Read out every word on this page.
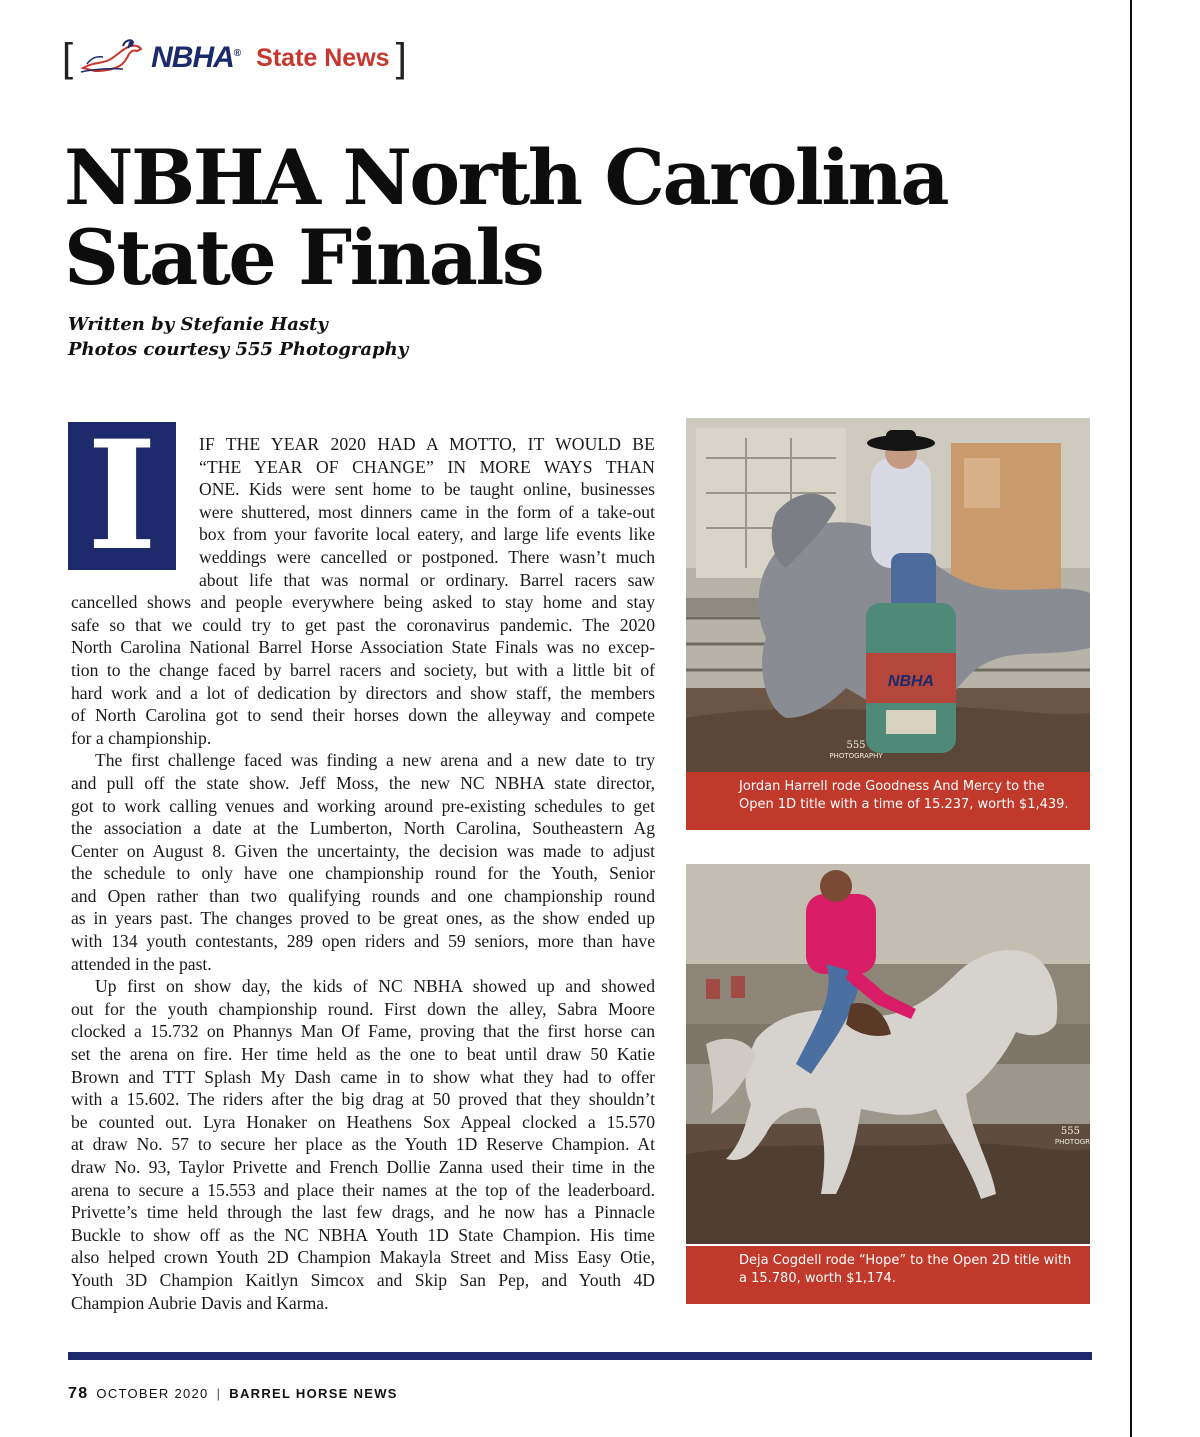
[	NBHA® State News ]
NBHA North Carolina
State Finals
Written by Stefanie Hasty
Photos courtesy 555 Photography
I	IF THE YEAR 2020 HAD A MOTTO, IT WOULD BE
“THE YEAR OF CHANGE” IN MORE WAYS THAN
ONE. Kids were sent home to be taught online, businesses
were shuttered, most dinners came in the form of a take-out
box from your favorite local eatery, and large life events like
weddings were cancelled or postponed. There wasn’t much
about life that was normal or ordinary. Barrel racers saw
cancelled shows and people everywhere being asked to stay home and stay
safe so that we could try to get past the coronavirus pandemic. The 2020
North Carolina National Barrel Horse Association State Finals was no excep-
tion to the change faced by barrel racers and society, but with a little bit of
hard work and a lot of dedication by directors and show staff, the members
of North Carolina got to send their horses down the alleyway and compete
for a championship.

The first challenge faced was finding a new arena and a new date to try
and pull off the state show. Jeff Moss, the new NC NBHA state director,
got to work calling venues and working around pre-existing schedules to get
the association a date at the Lumberton, North Carolina, Southeastern Ag
Center on August 8. Given the uncertainty, the decision was made to adjust
the schedule to only have one championship round for the Youth, Senior
and Open rather than two qualifying rounds and one championship round
as in years past. The changes proved to be great ones, as the show ended up
with 134 youth contestants, 289 open riders and 59 seniors, more than have
attended in the past.

Up first on show day, the kids of NC NBHA showed up and showed
out for the youth championship round. First down the alley, Sabra Moore
clocked a 15.732 on Phannys Man Of Fame, proving that the first horse can
set the arena on fire. Her time held as the one to beat until draw 50 Katie
Brown and TTT Splash My Dash came in to show what they had to offer
with a 15.602. The riders after the big drag at 50 proved that they shouldn’t
be counted out. Lyra Honaker on Heathens Sox Appeal clocked a 15.570
at draw No. 57 to secure her place as the Youth 1D Reserve Champion. At
draw No. 93, Taylor Privette and French Dollie Zanna used their time in the
arena to secure a 15.553 and place their names at the top of the leaderboard.
Privette’s time held through the last few drags, and he now has a Pinnacle
Buckle to show off as the NC NBHA Youth 1D State Champion. His time
also helped crown Youth 2D Champion Makayla Street and Miss Easy Otie,
Youth 3D Champion Kaitlyn Simcox and Skip San Pep, and Youth 4D
Champion Aubrie Davis and Karma.

NBHA
555
PHOTOGRAPHY
Jordan Harrell rode Goodness And Mercy to the
Open 1D title with a time of 15.237, worth $1,439.
555
PHOTOGR
Deja Cogdell rode “Hope” to the Open 2D title with
a 15.780, worth $1,174.
78 OCTOBER 2020 | BARREL HORSE NEWS
